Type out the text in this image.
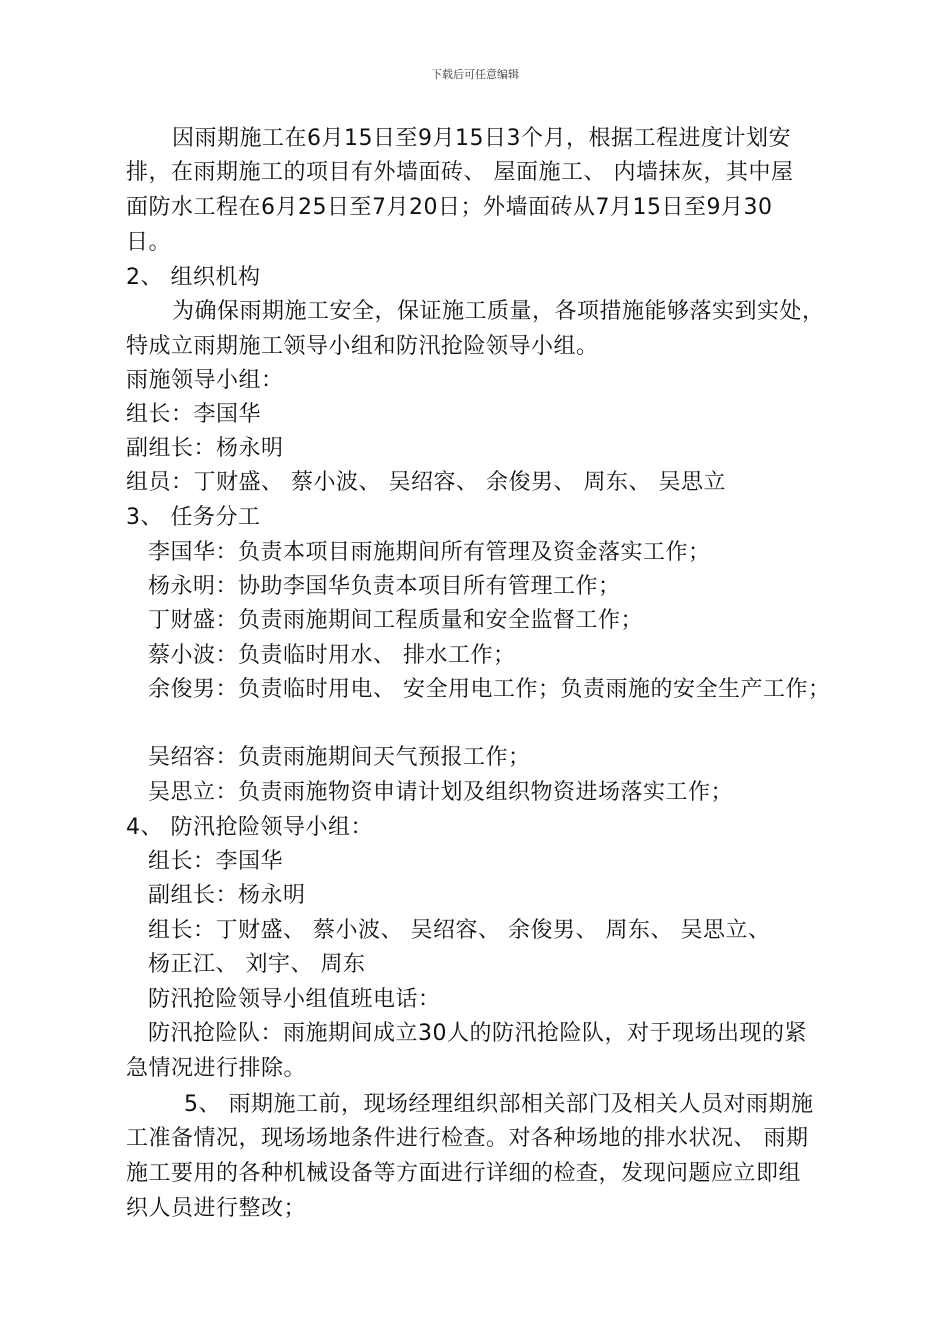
下载后可任意编辑
因雨期施工在6月15日至9月15日3个月，根据工程进度计划安
排，在雨期施工的项目有外墙面砖、 屋面施工、 内墙抹灰，其中屋
面防水工程在6月25日至7月20日；外墙面砖从7月15日至9月30
日。
2、 组织机构
为确保雨期施工安全，保证施工质量，各项措施能够落实到实处，
特成立雨期施工领导小组和防汛抢险领导小组。
雨施领导小组：
组长：李国华
副组长：杨永明
组员：丁财盛、 蔡小波、 吴绍容、 余俊男、 周东、 吴思立
3、 任务分工
李国华：负责本项目雨施期间所有管理及资金落实工作；
杨永明：协助李国华负责本项目所有管理工作；
丁财盛：负责雨施期间工程质量和安全监督工作；
蔡小波：负责临时用水、 排水工作；
余俊男：负责临时用电、 安全用电工作；负责雨施的安全生产工作；
吴绍容：负责雨施期间天气预报工作；
吴思立：负责雨施物资申请计划及组织物资进场落实工作；
4、 防汛抢险领导小组：
组长：李国华
副组长：杨永明
组长：丁财盛、 蔡小波、 吴绍容、 余俊男、 周东、 吴思立、
杨正江、 刘宇、 周东
防汛抢险领导小组值班电话：
防汛抢险队：雨施期间成立30人的防汛抢险队，对于现场出现的紧
急情况进行排除。
5、 雨期施工前，现场经理组织部相关部门及相关人员对雨期施
工准备情况，现场场地条件进行检查。对各种场地的排水状况、 雨期
施工要用的各种机械设备等方面进行详细的检查，发现问题应立即组
织人员进行整改；
